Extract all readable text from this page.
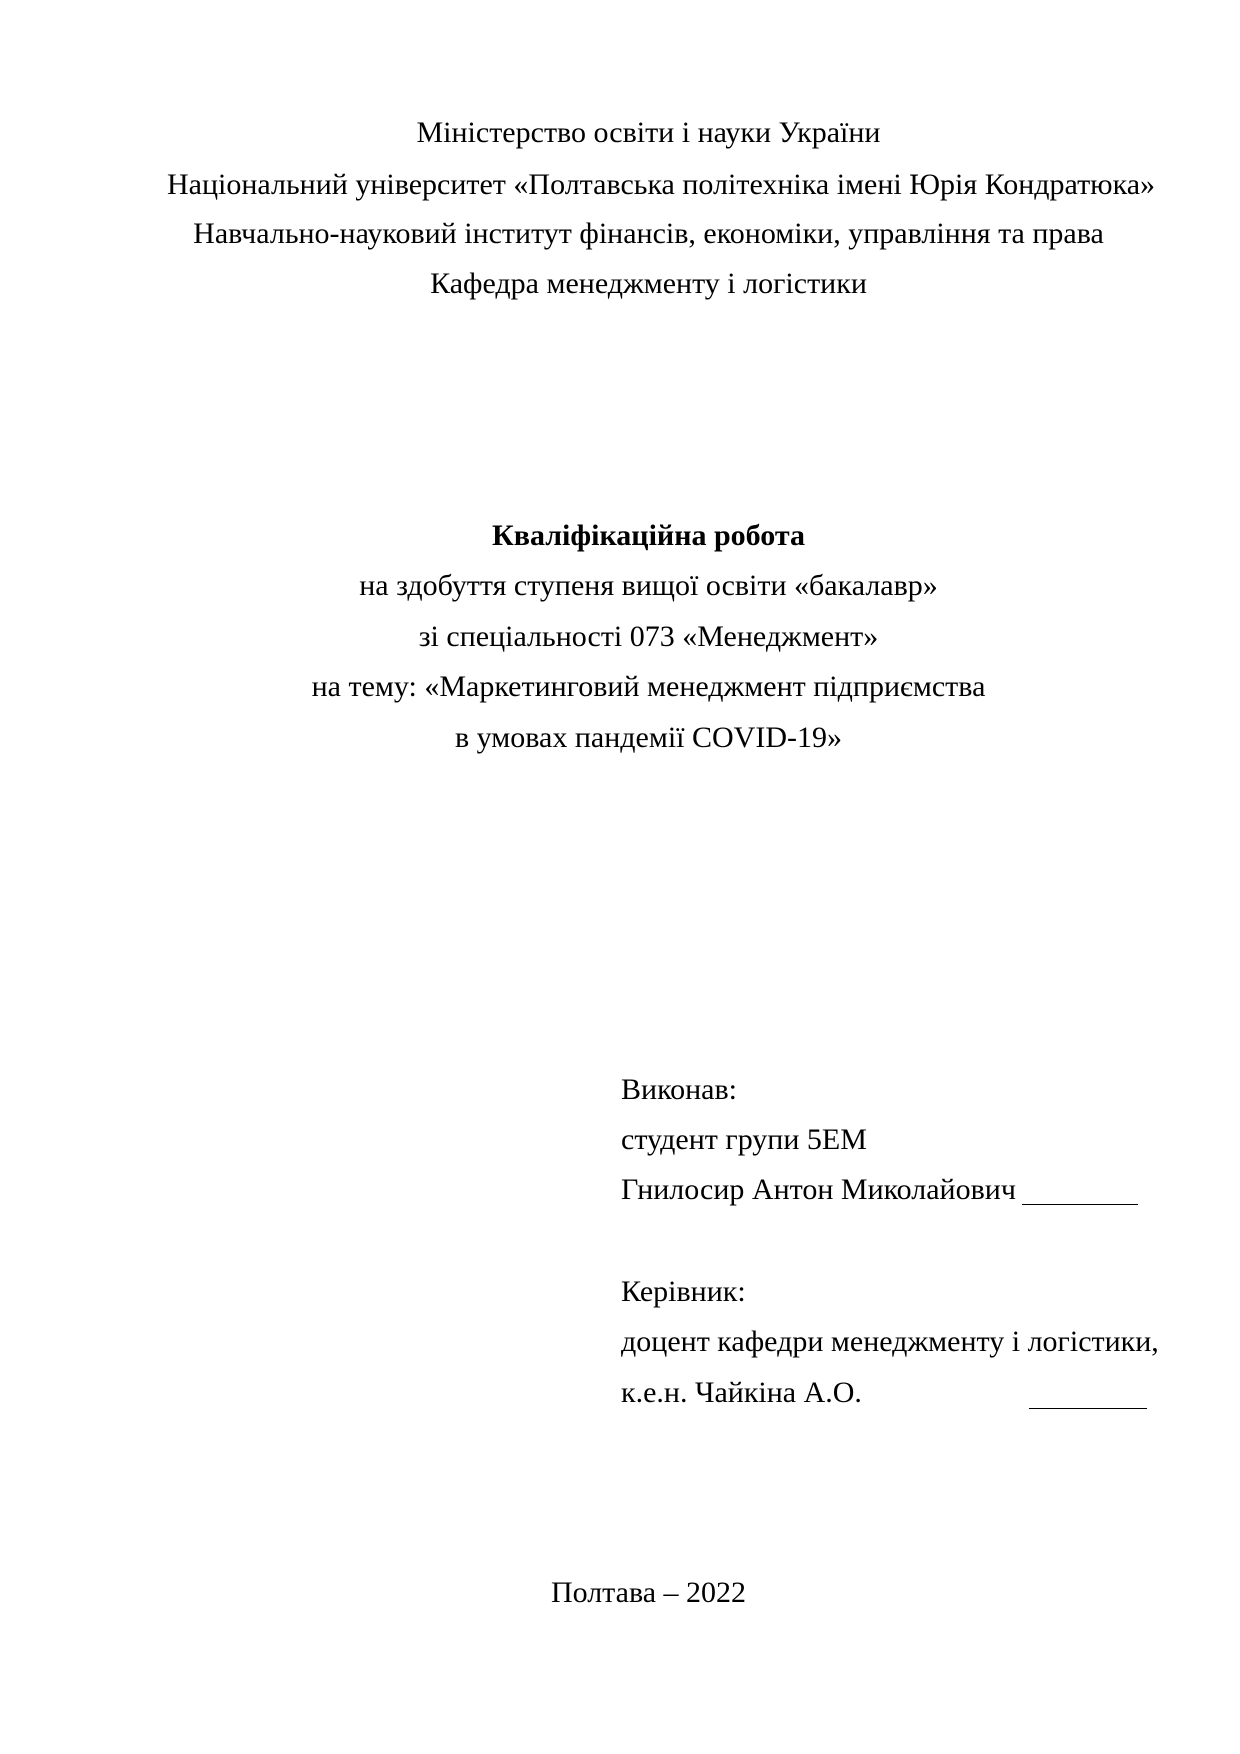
Міністерство освіти і науки України
Національний університет «Полтавська політехніка імені Юрія Кондратюка»
Навчально-науковий інститут фінансів, економіки, управління та права
Кафедра менеджменту і логістики
Кваліфікаційна робота
на здобуття ступеня вищої освіти «бакалавр»
зі спеціальності 073 «Менеджмент»
на тему: «Маркетинговий менеджмент підприємства
в умовах пандемії COVID-19»
Виконав:
студент групи 5ЕМ
Гнилосир Антон Миколайович
Керівник:
доцент кафедри менеджменту і логістики,
к.е.н. Чайкіна А.О.
Полтава – 2022
